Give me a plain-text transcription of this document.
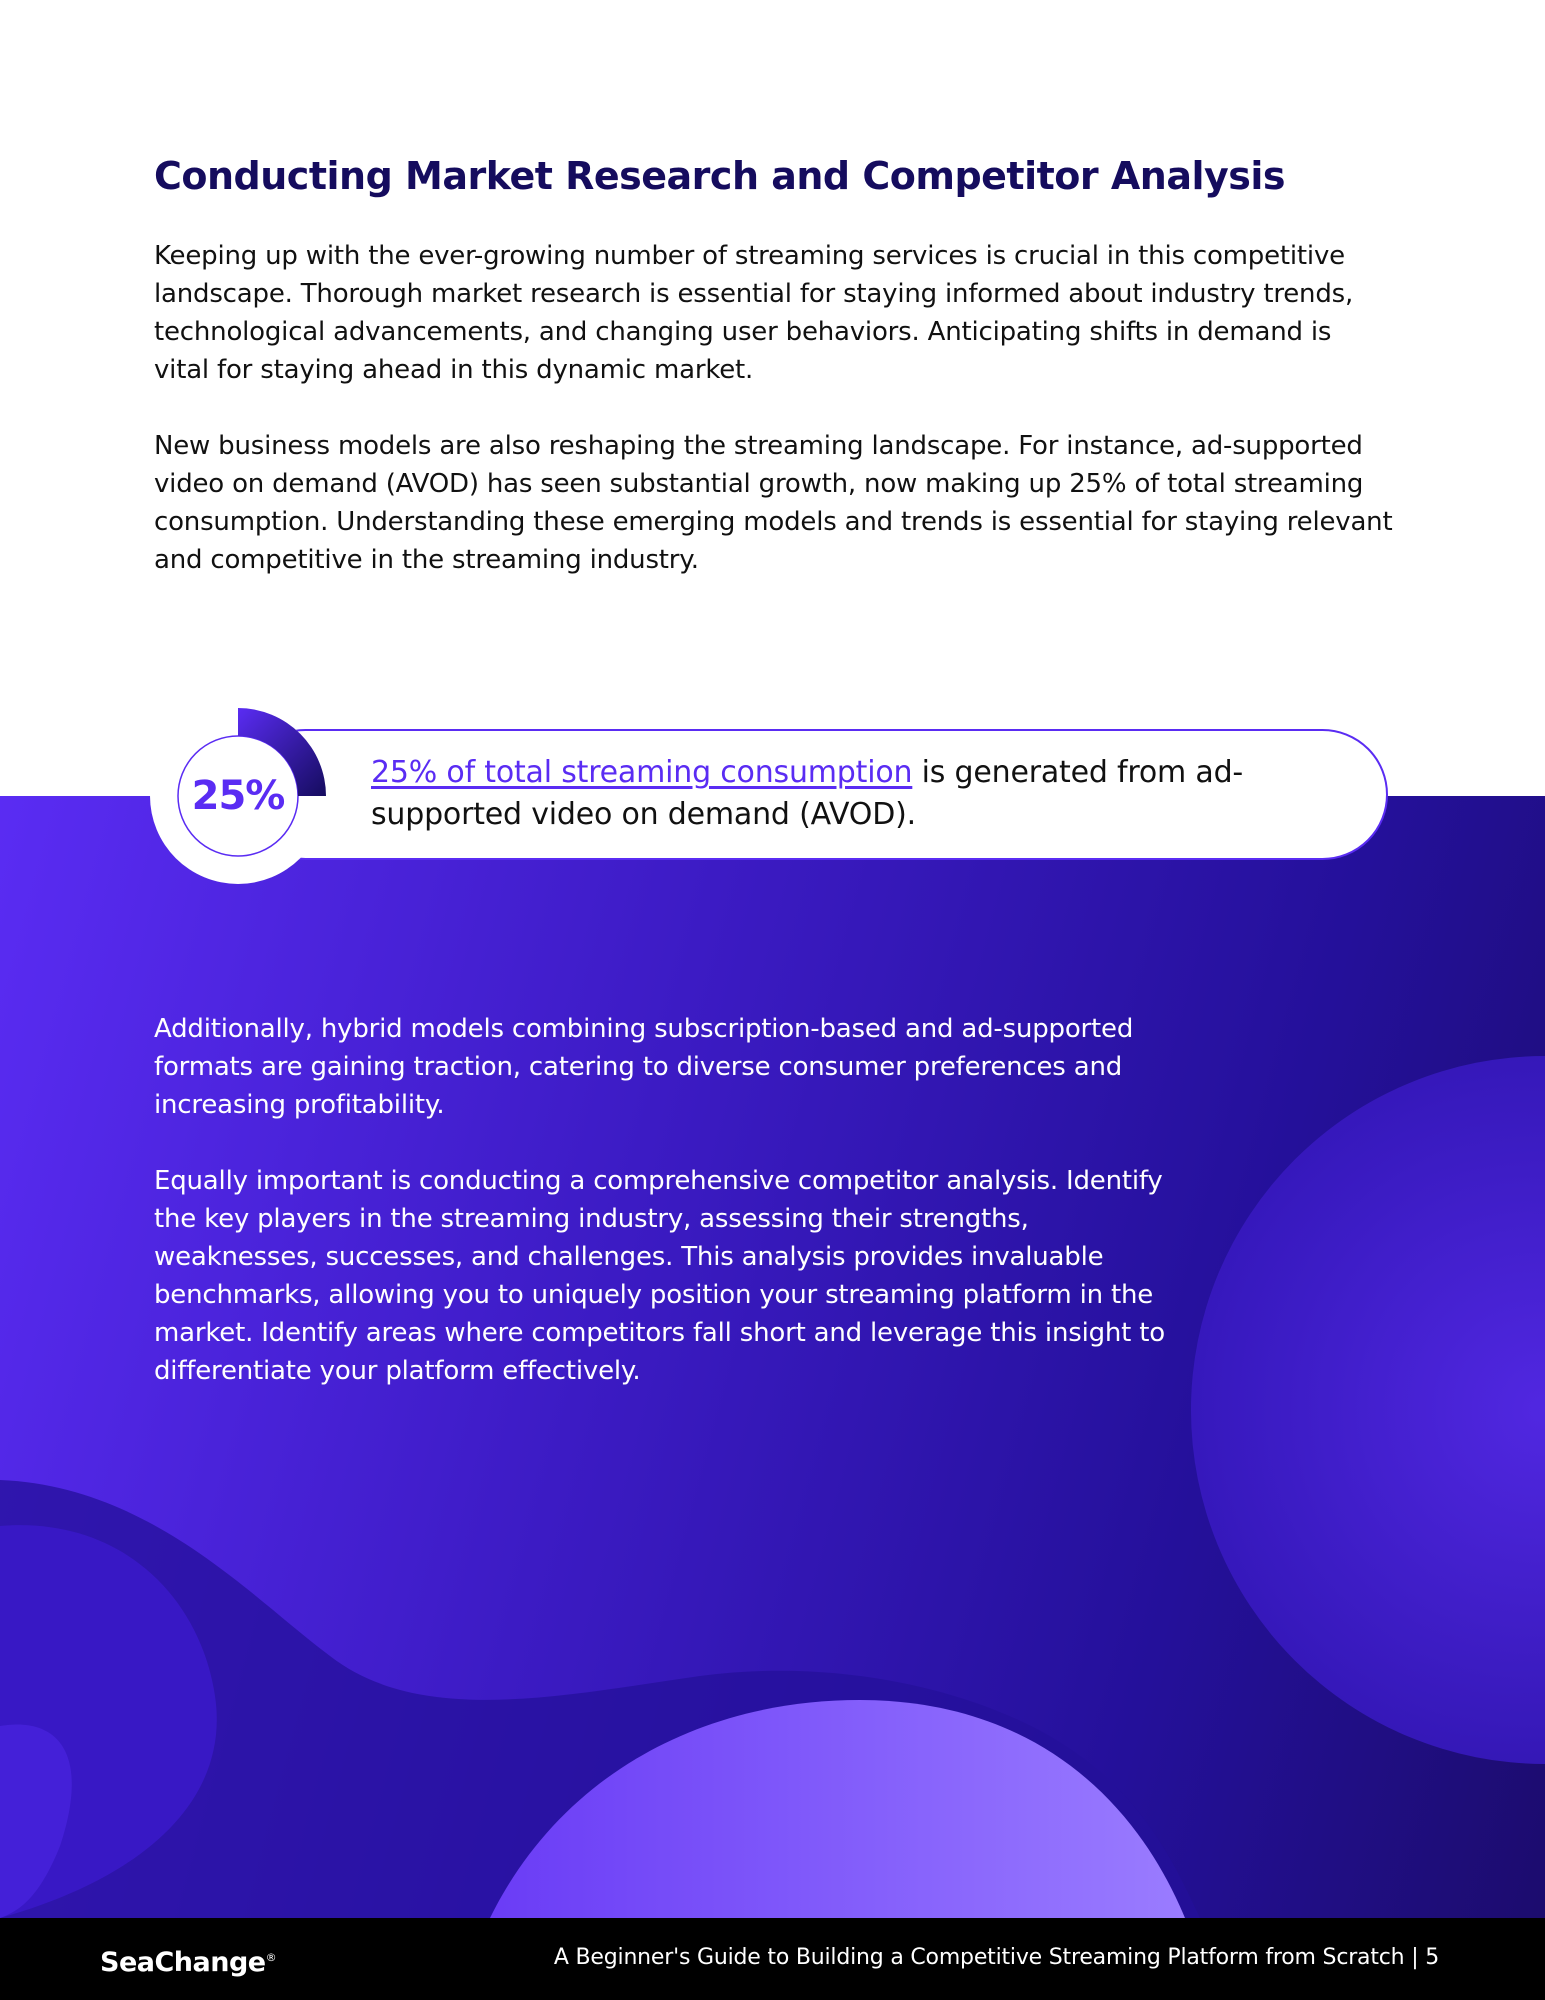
Conducting Market Research and Competitor Analysis

Keeping up with the ever-growing number of streaming services is crucial in this competitive landscape. Thorough market research is essential for staying informed about industry trends, technological advancements, and changing user behaviors. Anticipating shifts in demand is vital for staying ahead in this dynamic market.

New business models are also reshaping the streaming landscape. For instance, ad-supported video on demand (AVOD) has seen substantial growth, now making up 25% of total streaming consumption. Understanding these emerging models and trends is essential for staying relevant and competitive in the streaming industry.

25%

25% of total streaming consumption is generated from ad-supported video on demand (AVOD).

Additionally, hybrid models combining subscription-based and ad-supported formats are gaining traction, catering to diverse consumer preferences and increasing profitability.

Equally important is conducting a comprehensive competitor analysis. Identify the key players in the streaming industry, assessing their strengths, weaknesses, successes, and challenges. This analysis provides invaluable benchmarks, allowing you to uniquely position your streaming platform in the market. Identify areas where competitors fall short and leverage this insight to differentiate your platform effectively.

SeaChange®	A Beginner's Guide to Building a Competitive Streaming Platform from Scratch | 5
